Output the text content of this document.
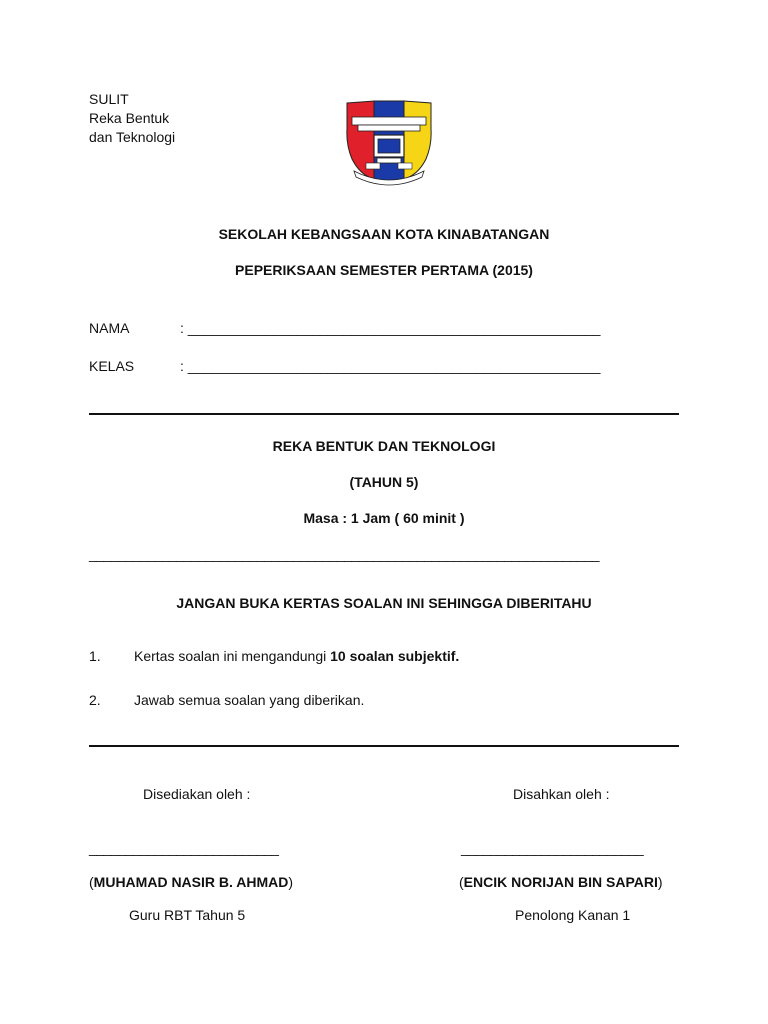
SULIT
Reka Bentuk
dan Teknologi
SEKOLAH KEBANGSAAN KOTA KINABATANGAN
PEPERIKSAAN SEMESTER PERTAMA (2015)
NAMA	: _____________________________________________________
KELAS	: _____________________________________________________
REKA BENTUK DAN TEKNOLOGI
(TAHUN 5)
Masa : 1 Jam ( 60 minit )
______________________________________________________________________
JANGAN BUKA KERTAS SOALAN INI SEHINGGA DIBERITAHU
1. Kertas soalan ini mengandungi 10 soalan subjektif.
2. Jawab semua soalan yang diberikan.
Disediakan oleh :	Disahkan oleh :
__________________________	_________________________
(MUHAMAD NASIR B. AHMAD)	(ENCIK NORIJAN BIN SAPARI)
Guru RBT Tahun 5	Penolong Kanan 1
